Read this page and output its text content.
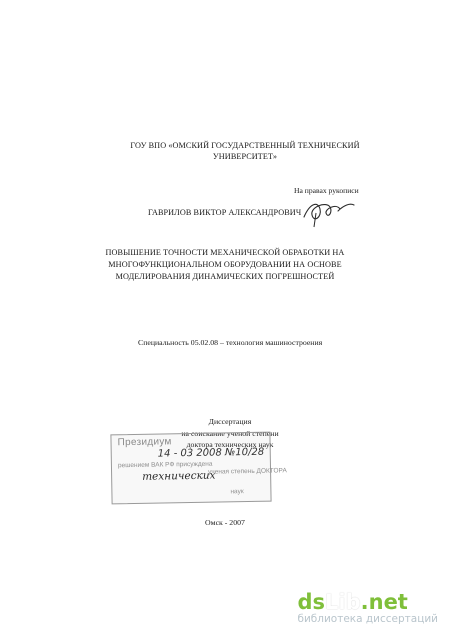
ГОУ ВПО «ОМСКИЙ ГОСУДАРСТВЕННЫЙ ТЕХНИЧЕСКИЙ УНИВЕРСИТЕТ»
На правах рукописи
ГАВРИЛОВ ВИКТОР АЛЕКСАНДРОВИЧ
ПОВЫШЕНИЕ ТОЧНОСТИ МЕХАНИЧЕСКОЙ ОБРАБОТКИ НА МНОГОФУНКЦИОНАЛЬНОМ ОБОРУДОВАНИИ НА ОСНОВЕ МОДЕЛИРОВАНИЯ ДИНАМИЧЕСКИХ ПОГРЕШНОСТЕЙ
Специальность 05.02.08 – технология машиностроения
Диссертация
на соискание ученой степени
доктора технических наук
Президиум
14 - 03 2008 №10/28
решением ВАК РФ присуждена
ученая степень ДОКТОРА
технических
наук
Омск - 2007
dsLib.net
библиотека диссертаций
